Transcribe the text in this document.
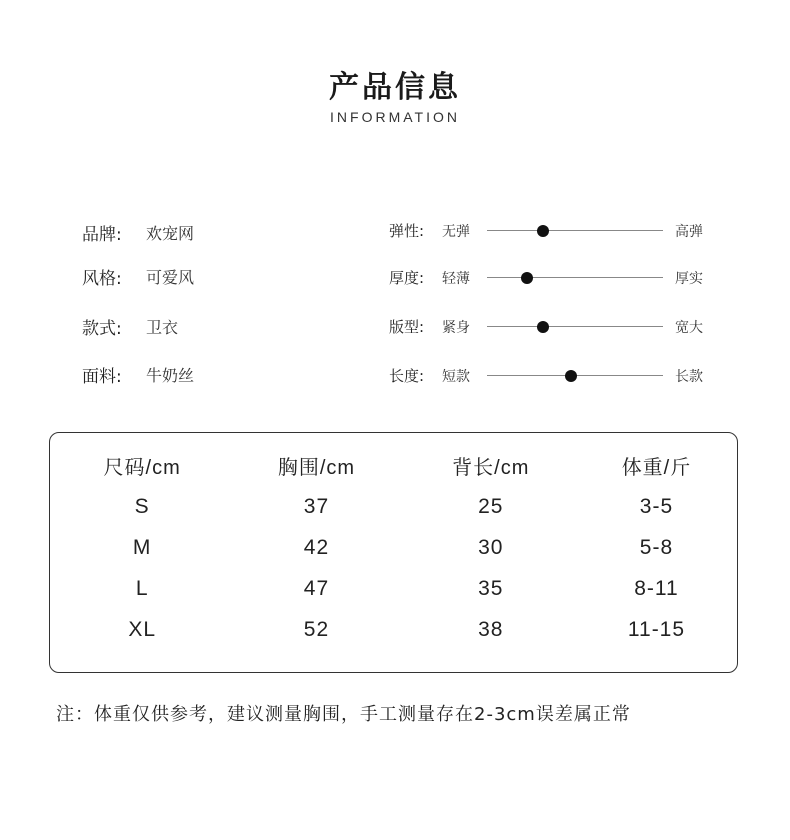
产品信息
INFORMATION
品牌:	欢宠网
风格:	可爱风
款式:	卫衣
面料:	牛奶丝
弹性: 无弹	高弹
厚度: 轻薄	厚实
版型: 紧身	宽大
长度: 短款	长款
尺码/cm	胸围/cm	背长/cm	体重/斤
S	37	25	3-5
M	42	30	5-8
L	47	35	8-11
XL	52	38	11-15
注：体重仅供参考，建议测量胸围，手工测量存在2-3cm误差属正常
